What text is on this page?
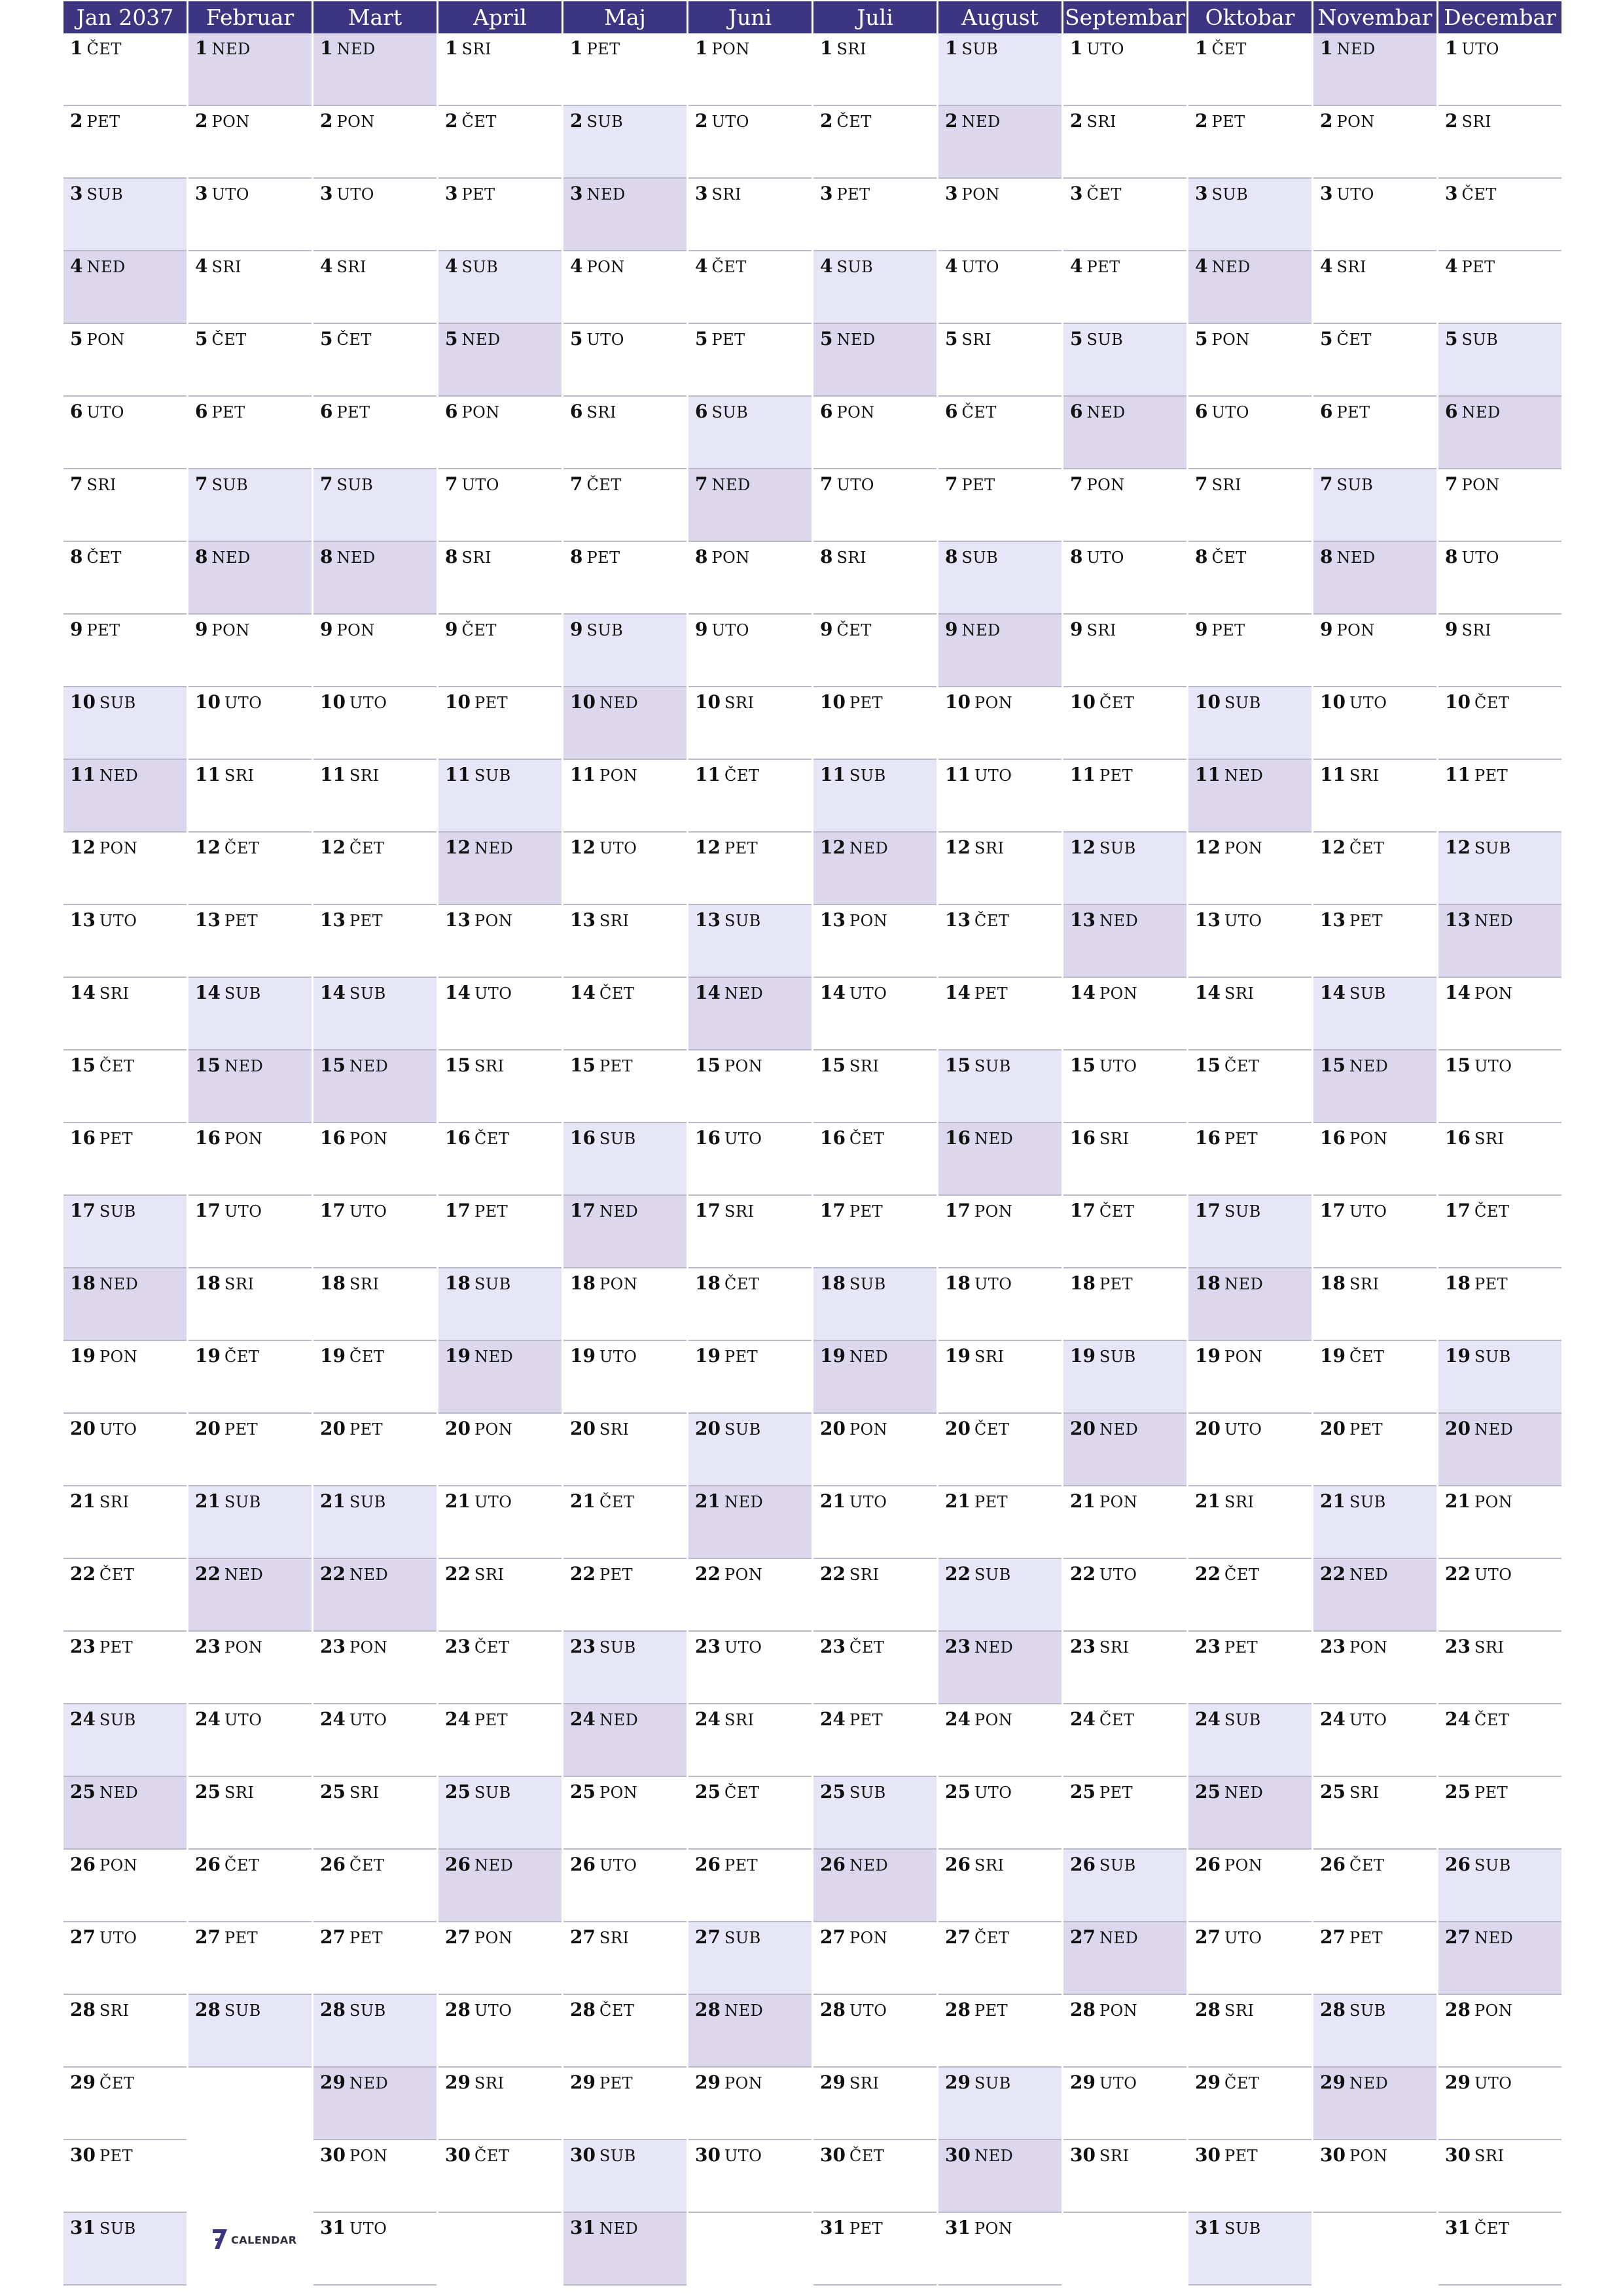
Jan 2037
1 ČET
2 PET
3 SUB
4 NED
5 PON
6 UTO
7 SRI
8 ČET
9 PET
10 SUB
11 NED
12 PON
13 UTO
14 SRI
15 ČET
16 PET
17 SUB
18 NED
19 PON
20 UTO
21 SRI
22 ČET
23 PET
24 SUB
25 NED
26 PON
27 UTO
28 SRI
29 ČET
30 PET
31 SUB
Februar
1 NED
2 PON
3 UTO
4 SRI
5 ČET
6 PET
7 SUB
8 NED
9 PON
10 UTO
11 SRI
12 ČET
13 PET
14 SUB
15 NED
16 PON
17 UTO
18 SRI
19 ČET
20 PET
21 SUB
22 NED
23 PON
24 UTO
25 SRI
26 ČET
27 PET
28 SUB
Mart
1 NED
2 PON
3 UTO
4 SRI
5 ČET
6 PET
7 SUB
8 NED
9 PON
10 UTO
11 SRI
12 ČET
13 PET
14 SUB
15 NED
16 PON
17 UTO
18 SRI
19 ČET
20 PET
21 SUB
22 NED
23 PON
24 UTO
25 SRI
26 ČET
27 PET
28 SUB
29 NED
30 PON
31 UTO
April
1 SRI
2 ČET
3 PET
4 SUB
5 NED
6 PON
7 UTO
8 SRI
9 ČET
10 PET
11 SUB
12 NED
13 PON
14 UTO
15 SRI
16 ČET
17 PET
18 SUB
19 NED
20 PON
21 UTO
22 SRI
23 ČET
24 PET
25 SUB
26 NED
27 PON
28 UTO
29 SRI
30 ČET
Maj
1 PET
2 SUB
3 NED
4 PON
5 UTO
6 SRI
7 ČET
8 PET
9 SUB
10 NED
11 PON
12 UTO
13 SRI
14 ČET
15 PET
16 SUB
17 NED
18 PON
19 UTO
20 SRI
21 ČET
22 PET
23 SUB
24 NED
25 PON
26 UTO
27 SRI
28 ČET
29 PET
30 SUB
31 NED
Juni
1 PON
2 UTO
3 SRI
4 ČET
5 PET
6 SUB
7 NED
8 PON
9 UTO
10 SRI
11 ČET
12 PET
13 SUB
14 NED
15 PON
16 UTO
17 SRI
18 ČET
19 PET
20 SUB
21 NED
22 PON
23 UTO
24 SRI
25 ČET
26 PET
27 SUB
28 NED
29 PON
30 UTO
Juli
1 SRI
2 ČET
3 PET
4 SUB
5 NED
6 PON
7 UTO
8 SRI
9 ČET
10 PET
11 SUB
12 NED
13 PON
14 UTO
15 SRI
16 ČET
17 PET
18 SUB
19 NED
20 PON
21 UTO
22 SRI
23 ČET
24 PET
25 SUB
26 NED
27 PON
28 UTO
29 SRI
30 ČET
31 PET
August
1 SUB
2 NED
3 PON
4 UTO
5 SRI
6 ČET
7 PET
8 SUB
9 NED
10 PON
11 UTO
12 SRI
13 ČET
14 PET
15 SUB
16 NED
17 PON
18 UTO
19 SRI
20 ČET
21 PET
22 SUB
23 NED
24 PON
25 UTO
26 SRI
27 ČET
28 PET
29 SUB
30 NED
31 PON
Septembar
1 UTO
2 SRI
3 ČET
4 PET
5 SUB
6 NED
7 PON
8 UTO
9 SRI
10 ČET
11 PET
12 SUB
13 NED
14 PON
15 UTO
16 SRI
17 ČET
18 PET
19 SUB
20 NED
21 PON
22 UTO
23 SRI
24 ČET
25 PET
26 SUB
27 NED
28 PON
29 UTO
30 SRI
Oktobar
1 ČET
2 PET
3 SUB
4 NED
5 PON
6 UTO
7 SRI
8 ČET
9 PET
10 SUB
11 NED
12 PON
13 UTO
14 SRI
15 ČET
16 PET
17 SUB
18 NED
19 PON
20 UTO
21 SRI
22 ČET
23 PET
24 SUB
25 NED
26 PON
27 UTO
28 SRI
29 ČET
30 PET
31 SUB
Novembar
1 NED
2 PON
3 UTO
4 SRI
5 ČET
6 PET
7 SUB
8 NED
9 PON
10 UTO
11 SRI
12 ČET
13 PET
14 SUB
15 NED
16 PON
17 UTO
18 SRI
19 ČET
20 PET
21 SUB
22 NED
23 PON
24 UTO
25 SRI
26 ČET
27 PET
28 SUB
29 NED
30 PON
Decembar
1 UTO
2 SRI
3 ČET
4 PET
5 SUB
6 NED
7 PON
8 UTO
9 SRI
10 ČET
11 PET
12 SUB
13 NED
14 PON
15 UTO
16 SRI
17 ČET
18 PET
19 SUB
20 NED
21 PON
22 UTO
23 SRI
24 ČET
25 PET
26 SUB
27 NED
28 PON
29 UTO
30 SRI
31 ČET
CALENDAR
